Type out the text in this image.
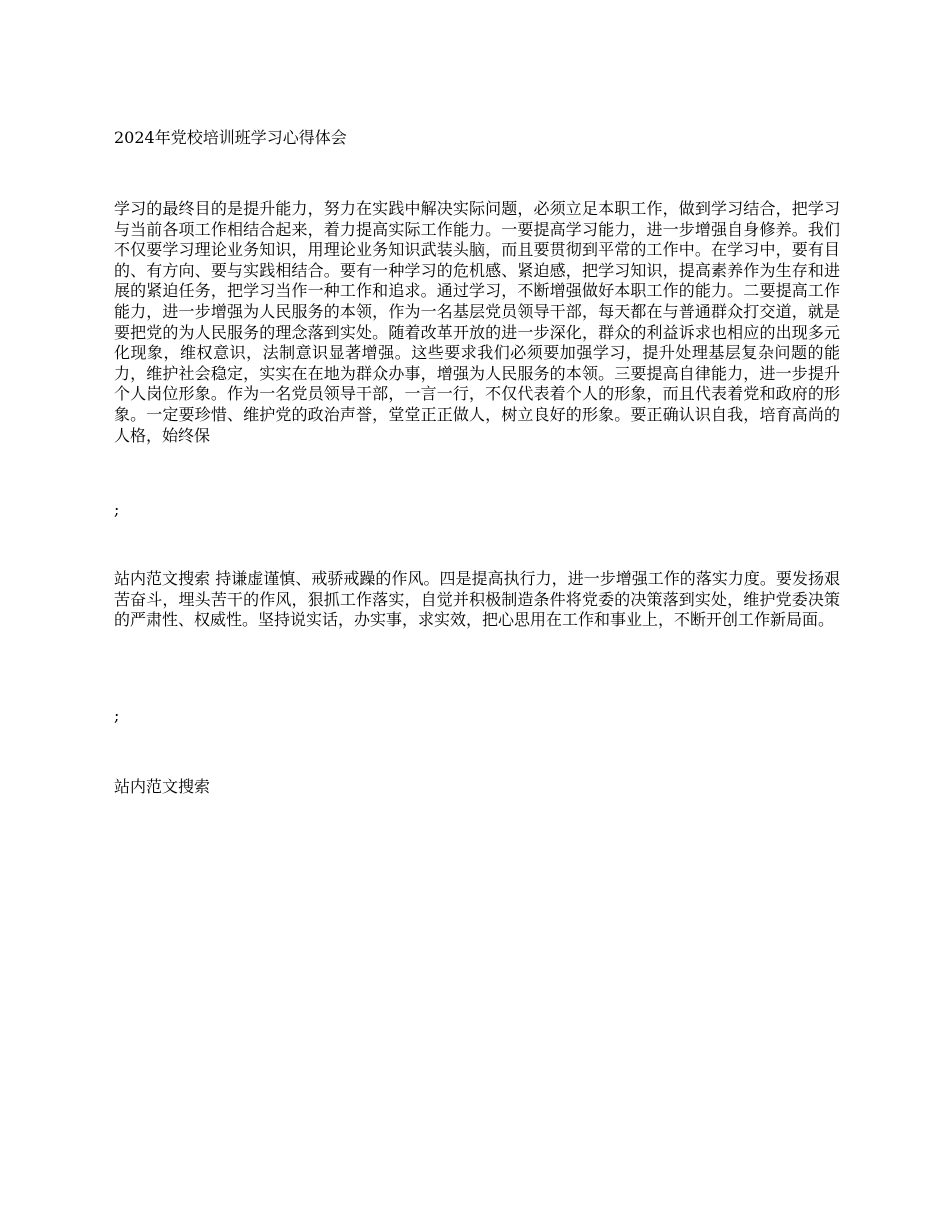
2024年党校培训班学习心得体会

学习的最终目的是提升能力，努力在实践中解决实际问题，必须立足本职工作，做到学习结合，把学习与当前各项工作相结合起来，着力提高实际工作能力。一要提高学习能力，进一步增强自身修养。我们不仅要学习理论业务知识，用理论业务知识武装头脑，而且要贯彻到平常的工作中。在学习中，要有目的、有方向、要与实践相结合。要有一种学习的危机感、紧迫感，把学习知识，提高素养作为生存和进展的紧迫任务，把学习当作一种工作和追求。通过学习，不断增强做好本职工作的能力。二要提高工作能力，进一步增强为人民服务的本领，作为一名基层党员领导干部，每天都在与普通群众打交道，就是要把党的为人民服务的理念落到实处。随着改革开放的进一步深化，群众的利益诉求也相应的出现多元化现象，维权意识，法制意识显著增强。这些要求我们必须要加强学习，提升处理基层复杂问题的能力，维护社会稳定，实实在在地为群众办事，增强为人民服务的本领。三要提高自律能力，进一步提升个人岗位形象。作为一名党员领导干部，一言一行，不仅代表着个人的形象，而且代表着党和政府的形象。一定要珍惜、维护党的政治声誉，堂堂正正做人，树立良好的形象。要正确认识自我，培育高尚的人格，始终保

;

站内范文搜索 持谦虚谨慎、戒骄戒躁的作风。四是提高执行力，进一步增强工作的落实力度。要发扬艰苦奋斗，埋头苦干的作风，狠抓工作落实，自觉并积极制造条件将党委的决策落到实处，维护党委决策的严肃性、权威性。坚持说实话，办实事，求实效，把心思用在工作和事业上，不断开创工作新局面。

;

站内范文搜索
